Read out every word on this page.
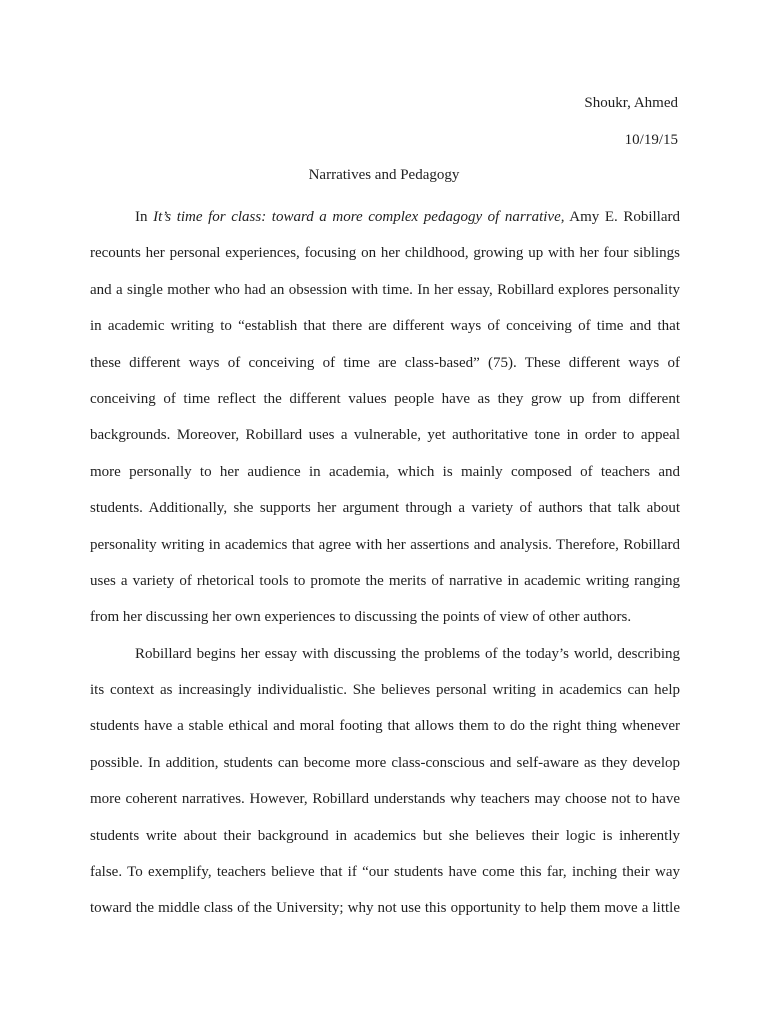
Shoukr, Ahmed
10/19/15
Narratives and Pedagogy
In It’s time for class: toward a more complex pedagogy of narrative, Amy E. Robillard
recounts her personal experiences, focusing on her childhood, growing up with her four siblings
and a single mother who had an obsession with time. In her essay, Robillard explores personality
in academic writing to “establish that there are different ways of conceiving of time and that
these different ways of conceiving of time are class-based” (75). These different ways of
conceiving of time reflect the different values people have as they grow up from different
backgrounds. Moreover, Robillard uses a vulnerable, yet authoritative tone in order to appeal
more personally to her audience in academia, which is mainly composed of teachers and
students. Additionally, she supports her argument through a variety of authors that talk about
personality writing in academics that agree with her assertions and analysis. Therefore, Robillard
uses a variety of rhetorical tools to promote the merits of narrative in academic writing ranging
from her discussing her own experiences to discussing the points of view of other authors.
Robillard begins her essay with discussing the problems of the today’s world, describing
its context as increasingly individualistic. She believes personal writing in academics can help
students have a stable ethical and moral footing that allows them to do the right thing whenever
possible. In addition, students can become more class-conscious and self-aware as they develop
more coherent narratives. However, Robillard understands why teachers may choose not to have
students write about their background in academics but she believes their logic is inherently
false. To exemplify, teachers believe that if “our students have come this far, inching their way
toward the middle class of the University; why not use this opportunity to help them move a little
